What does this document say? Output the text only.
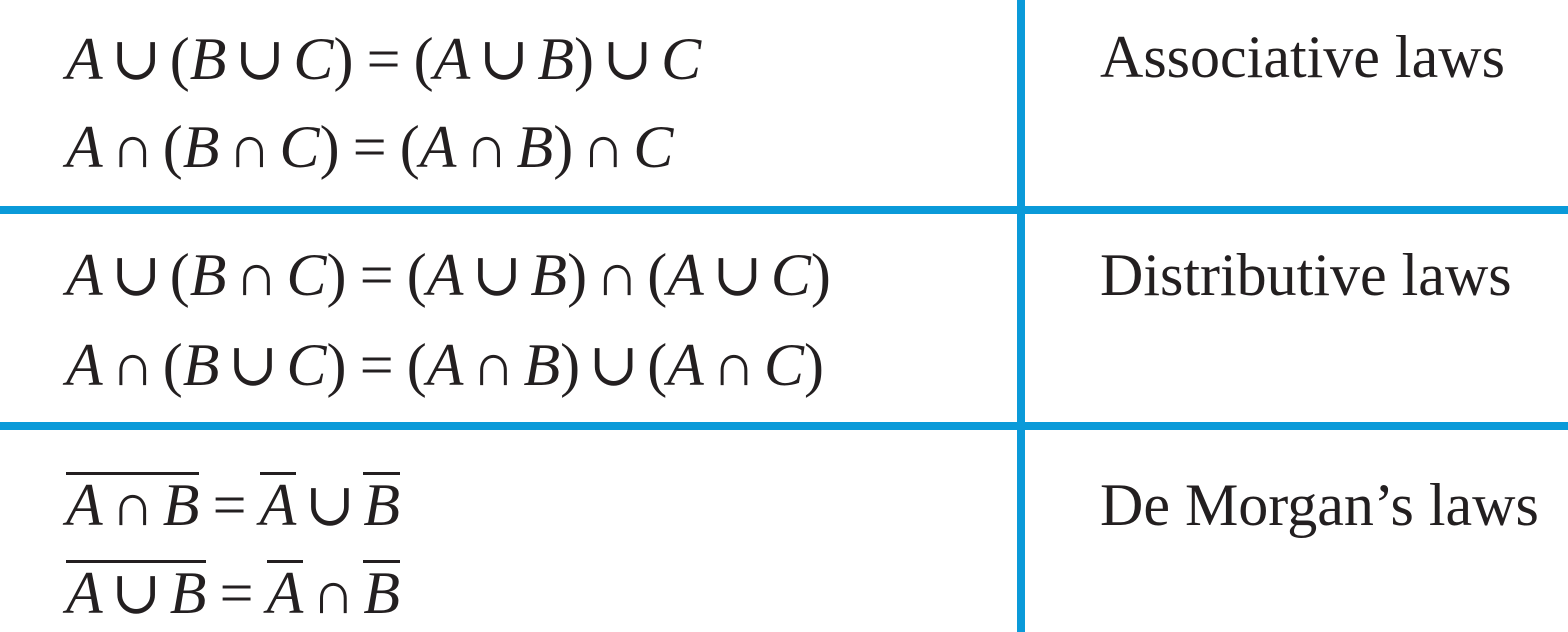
A ∪ (B ∪ C) = (A ∪ B) ∪ C
A ∩ (B ∩ C) = (A ∩ B) ∩ C
Associative laws
A ∪ (B ∩ C) = (A ∪ B) ∩ (A ∪ C)
A ∩ (B ∪ C) = (A ∩ B) ∪ (A ∩ C)
Distributive laws
A ∩ B = A ∪ B
A ∪ B = A ∩ B
De Morgan’s laws
